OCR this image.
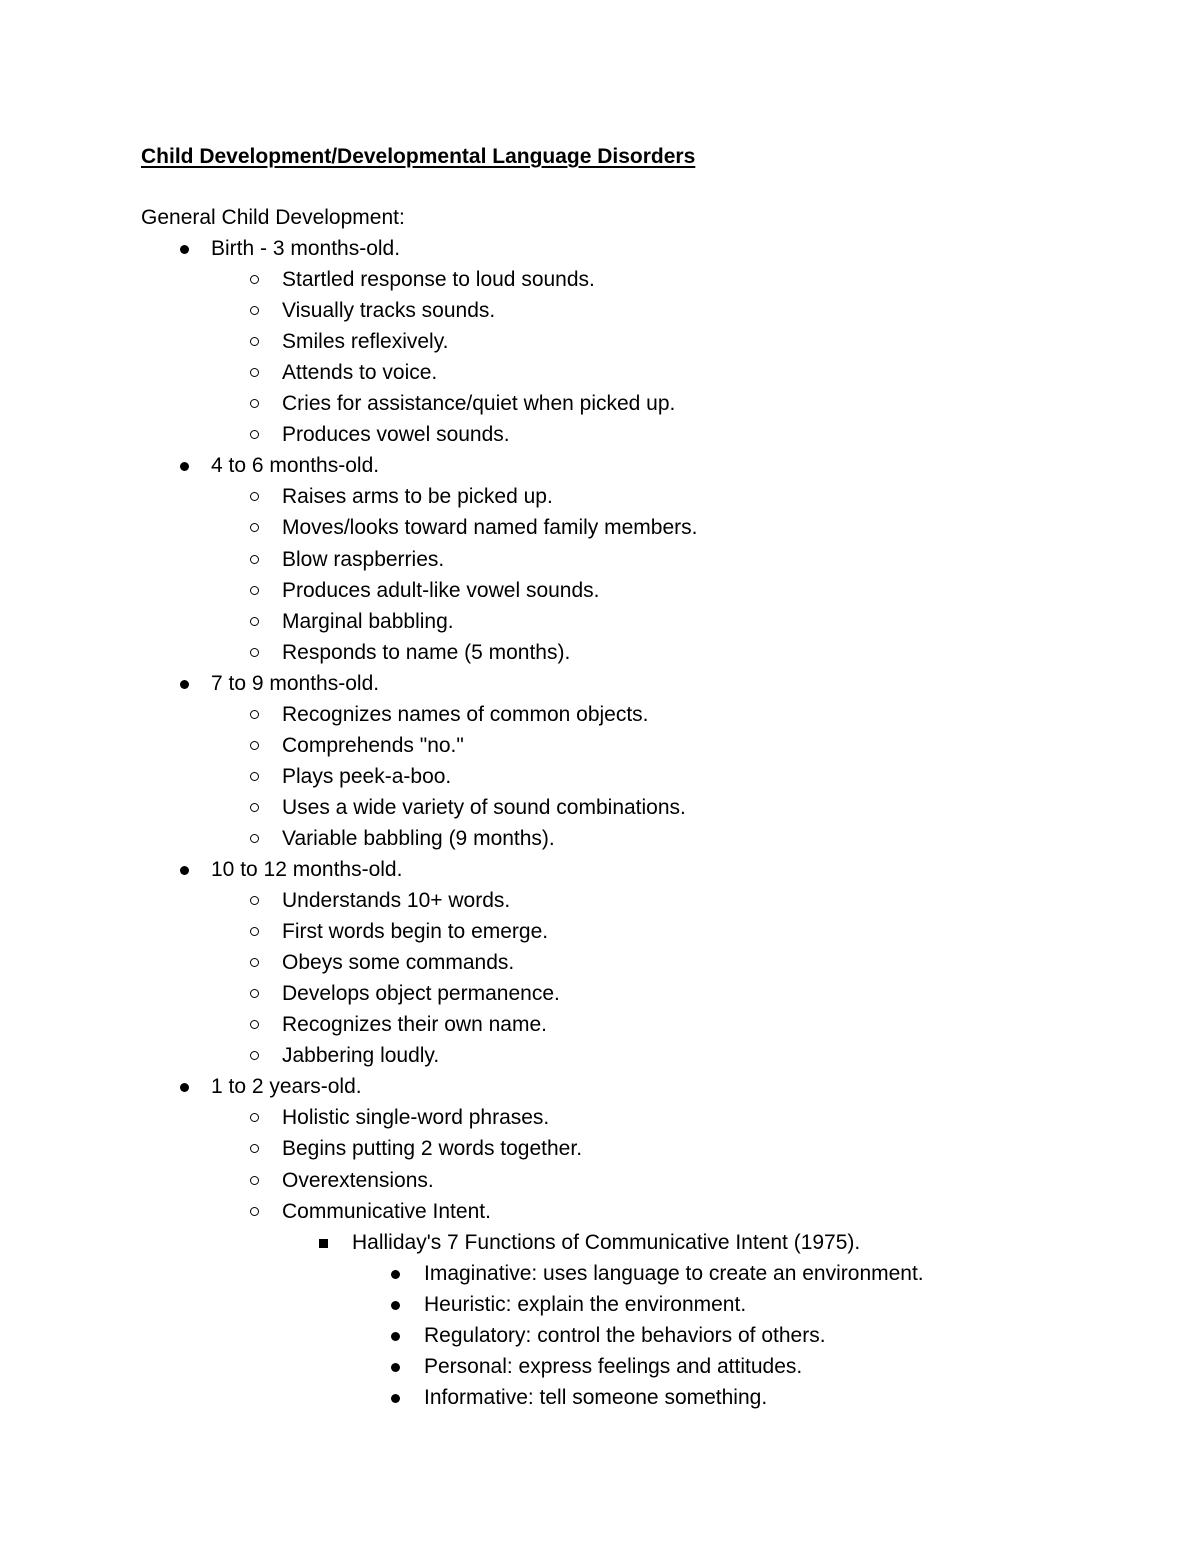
Child Development/Developmental Language Disorders
General Child Development:
Birth - 3 months-old.
Startled response to loud sounds.
Visually tracks sounds.
Smiles reflexively.
Attends to voice.
Cries for assistance/quiet when picked up.
Produces vowel sounds.
4 to 6 months-old.
Raises arms to be picked up.
Moves/looks toward named family members.
Blow raspberries.
Produces adult-like vowel sounds.
Marginal babbling.
Responds to name (5 months).
7 to 9 months-old.
Recognizes names of common objects.
Comprehends "no."
Plays peek-a-boo.
Uses a wide variety of sound combinations.
Variable babbling (9 months).
10 to 12 months-old.
Understands 10+ words.
First words begin to emerge.
Obeys some commands.
Develops object permanence.
Recognizes their own name.
Jabbering loudly.
1 to 2 years-old.
Holistic single-word phrases.
Begins putting 2 words together.
Overextensions.
Communicative Intent.
Halliday's 7 Functions of Communicative Intent (1975).
Imaginative: uses language to create an environment.
Heuristic: explain the environment.
Regulatory: control the behaviors of others.
Personal: express feelings and attitudes.
Informative: tell someone something.
